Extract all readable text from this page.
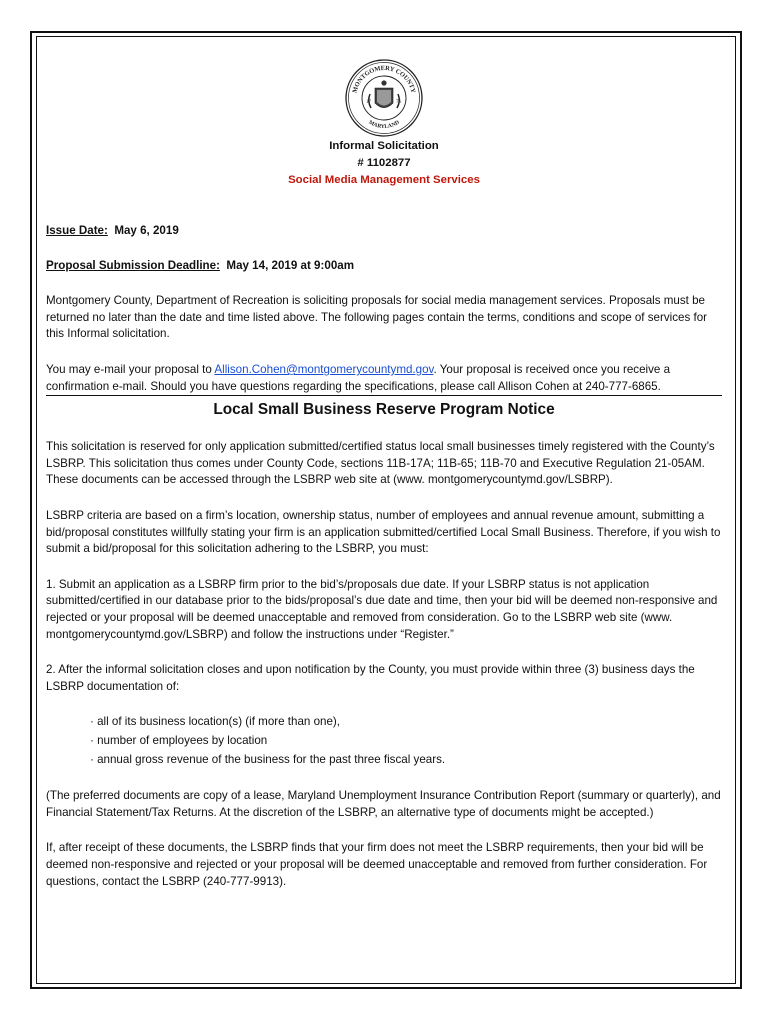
MONTGOMERY COUNTY
MARYLAND
17	76
Informal Solicitation
# 1102877
Social Media Management Services
Issue Date: May 6, 2019
Proposal Submission Deadline: May 14, 2019 at 9:00am

Montgomery County, Department of Recreation is soliciting proposals for social media management services. Proposals must be returned no later than the date and time listed above. The following pages contain the terms, conditions and scope of services for this Informal solicitation.

You may e-mail your proposal to Allison.Cohen@montgomerycountymd.gov. Your proposal is received once you receive a confirmation e-mail. Should you have questions regarding the specifications, please call Allison Cohen at 240-777-6865.

Local Small Business Reserve Program Notice

This solicitation is reserved for only application submitted/certified status local small businesses timely registered with the County’s LSBRP. This solicitation thus comes under County Code, sections 11B-17A; 11B-65; 11B-70 and Executive Regulation 21-05AM. These documents can be accessed through the LSBRP web site at (www. montgomerycountymd.gov/LSBRP).

LSBRP criteria are based on a firm’s location, ownership status, number of employees and annual revenue amount, submitting a bid/proposal constitutes willfully stating your firm is an application submitted/certified Local Small Business. Therefore, if you wish to submit a bid/proposal for this solicitation adhering to the LSBRP, you must:

1. Submit an application as a LSBRP firm prior to the bid’s/proposals due date. If your LSBRP status is not application submitted/certified in our database prior to the bids/proposal’s due date and time, then your bid will be deemed non-responsive and rejected or your proposal will be deemed unacceptable and removed from consideration. Go to the LSBRP web site (www. montgomerycountymd.gov/LSBRP) and follow the instructions under “Register.”

2. After the informal solicitation closes and upon notification by the County, you must provide within three (3) business days the LSBRP documentation of:

· all of its business location(s) (if more than one),
· number of employees by location
· annual gross revenue of the business for the past three fiscal years.

(The preferred documents are copy of a lease, Maryland Unemployment Insurance Contribution Report (summary or quarterly), and Financial Statement/Tax Returns. At the discretion of the LSBRP, an alternative type of documents might be accepted.)

If, after receipt of these documents, the LSBRP finds that your firm does not meet the LSBRP requirements, then your bid will be deemed non-responsive and rejected or your proposal will be deemed unacceptable and removed from further consideration. For questions, contact the LSBRP (240-777-9913).
